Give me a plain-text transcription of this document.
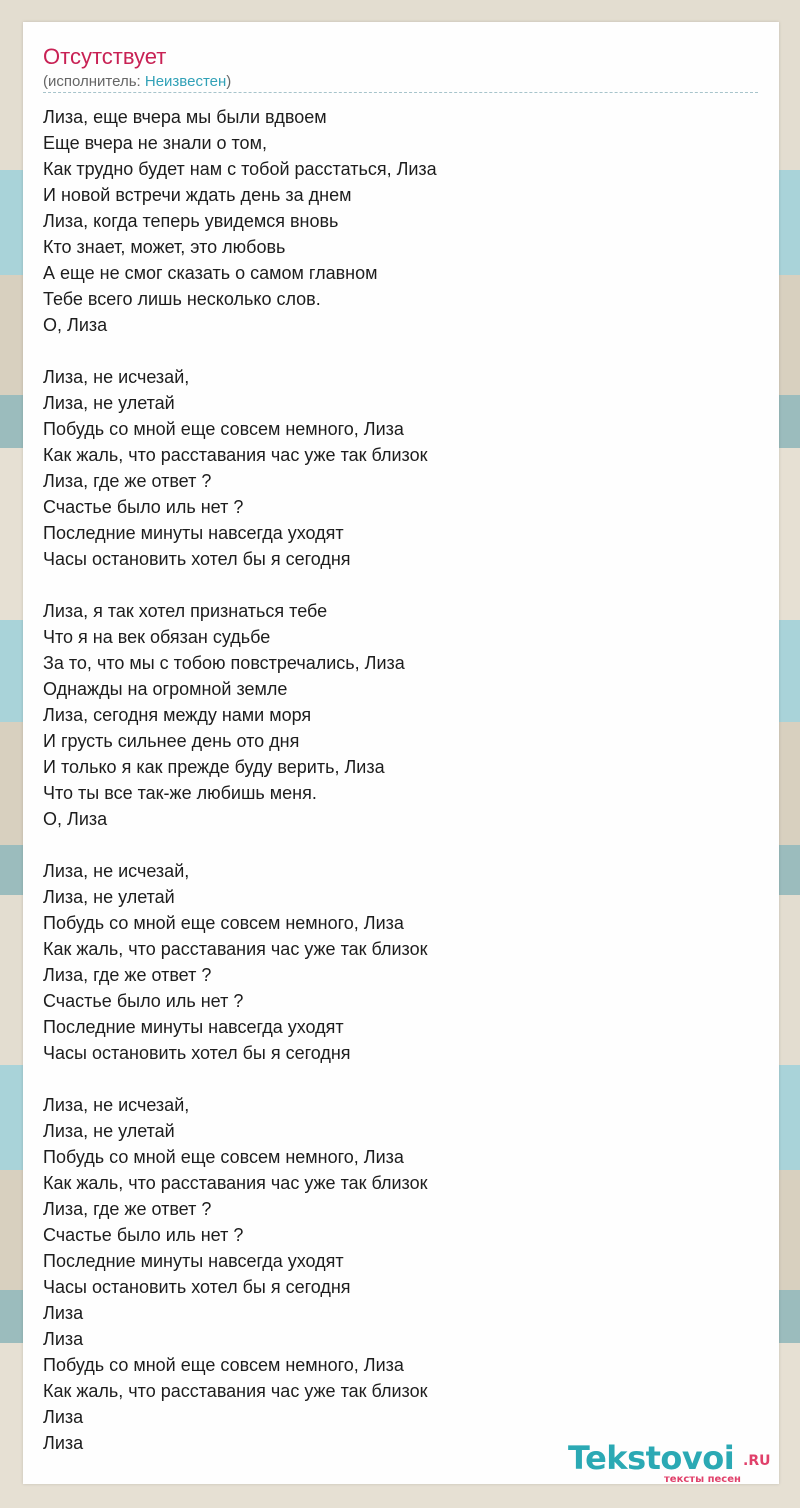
Отсутствует
(исполнитель: Неизвестен)
Лиза, еще вчера мы были вдвоем
Еще вчера не знали о том,
Как трудно будет нам с тобой расстаться, Лиза
И новой встречи ждать день за днем
Лиза, когда теперь увидемся вновь
Кто знает, может, это любовь
А еще не смог сказать о самом главном
Тебе всего лишь несколько слов.
О, Лиза
Лиза, не исчезай,
Лиза, не улетай
Побудь со мной еще совсем немного, Лиза
Как жаль, что расставания час уже так близок
Лиза, где же ответ ?
Счастье было иль нет ?
Последние минуты навсегда уходят
Часы остановить хотел бы я сегодня
Лиза, я так хотел признаться тебе
Что я на век обязан судьбе
За то, что мы с тобою повстречались, Лиза
Однажды на огромной земле
Лиза, сегодня между нами моря
И грусть сильнее день ото дня
И только я как прежде буду верить, Лиза
Что ты все так-же любишь меня.
О, Лиза
Лиза, не исчезай,
Лиза, не улетай
Побудь со мной еще совсем немного, Лиза
Как жаль, что расставания час уже так близок
Лиза, где же ответ ?
Счастье было иль нет ?
Последние минуты навсегда уходят
Часы остановить хотел бы я сегодня
Лиза, не исчезай,
Лиза, не улетай
Побудь со мной еще совсем немного, Лиза
Как жаль, что расставания час уже так близок
Лиза, где же ответ ?
Счастье было иль нет ?
Последние минуты навсегда уходят
Часы остановить хотел бы я сегодня
Лиза
Лиза
Побудь со мной еще совсем немного, Лиза
Как жаль, что расставания час уже так близок
Лиза
Лиза	Tekstovoi .RU
тексты песен
